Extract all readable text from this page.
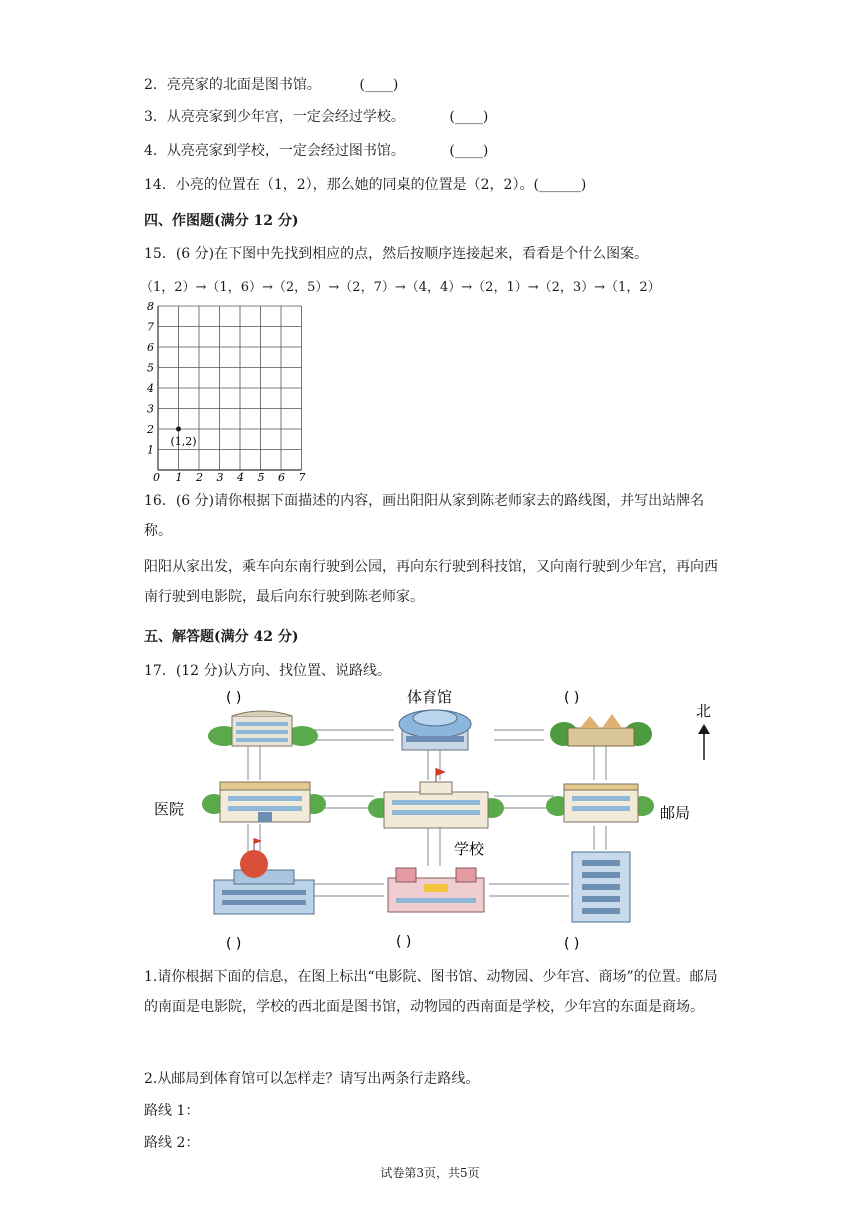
2．亮亮家的北面是图书馆。	(____)
3．从亮亮家到少年宫，一定会经过学校。	(____)
4．从亮亮家到学校，一定会经过图书馆。	(____)
14．小亮的位置在（1，2），那么她的同桌的位置是（2，2）。(______)
四、作图题(满分 12 分)
15．(6 分)在下图中先找到相应的点，然后按顺序连接起来，看看是个什么图案。
（1，2）→（1，6）→（2，5）→（2，7）→（4，4）→（2，1）→（2，3）→（1，2）
0 1 2 3 4 5 6 7
1
2
3
4
5
6
7
8
(1,2)
16．(6 分)请你根据下面描述的内容，画出阳阳从家到陈老师家去的路线图，并写出站牌名称。
阳阳从家出发，乘车向东南行驶到公园，再向东行驶到科技馆，又向南行驶到少年宫，再向西南行驶到电影院，最后向东行驶到陈老师家。
五、解答题(满分 42 分)
17．(12 分)认方向、找位置、说路线。
( )	体育馆	( )
北
医院	邮局
学校
( )	( )	( )
1.请你根据下面的信息，在图上标出“电影院、图书馆、动物园、少年宫、商场”的位置。邮局的南面是电影院，学校的西北面是图书馆，动物园的西南面是学校，少年宫的东面是商场。
2.从邮局到体育馆可以怎样走？请写出两条行走路线。
路线 1：
路线 2：
试卷第3页，共5页
